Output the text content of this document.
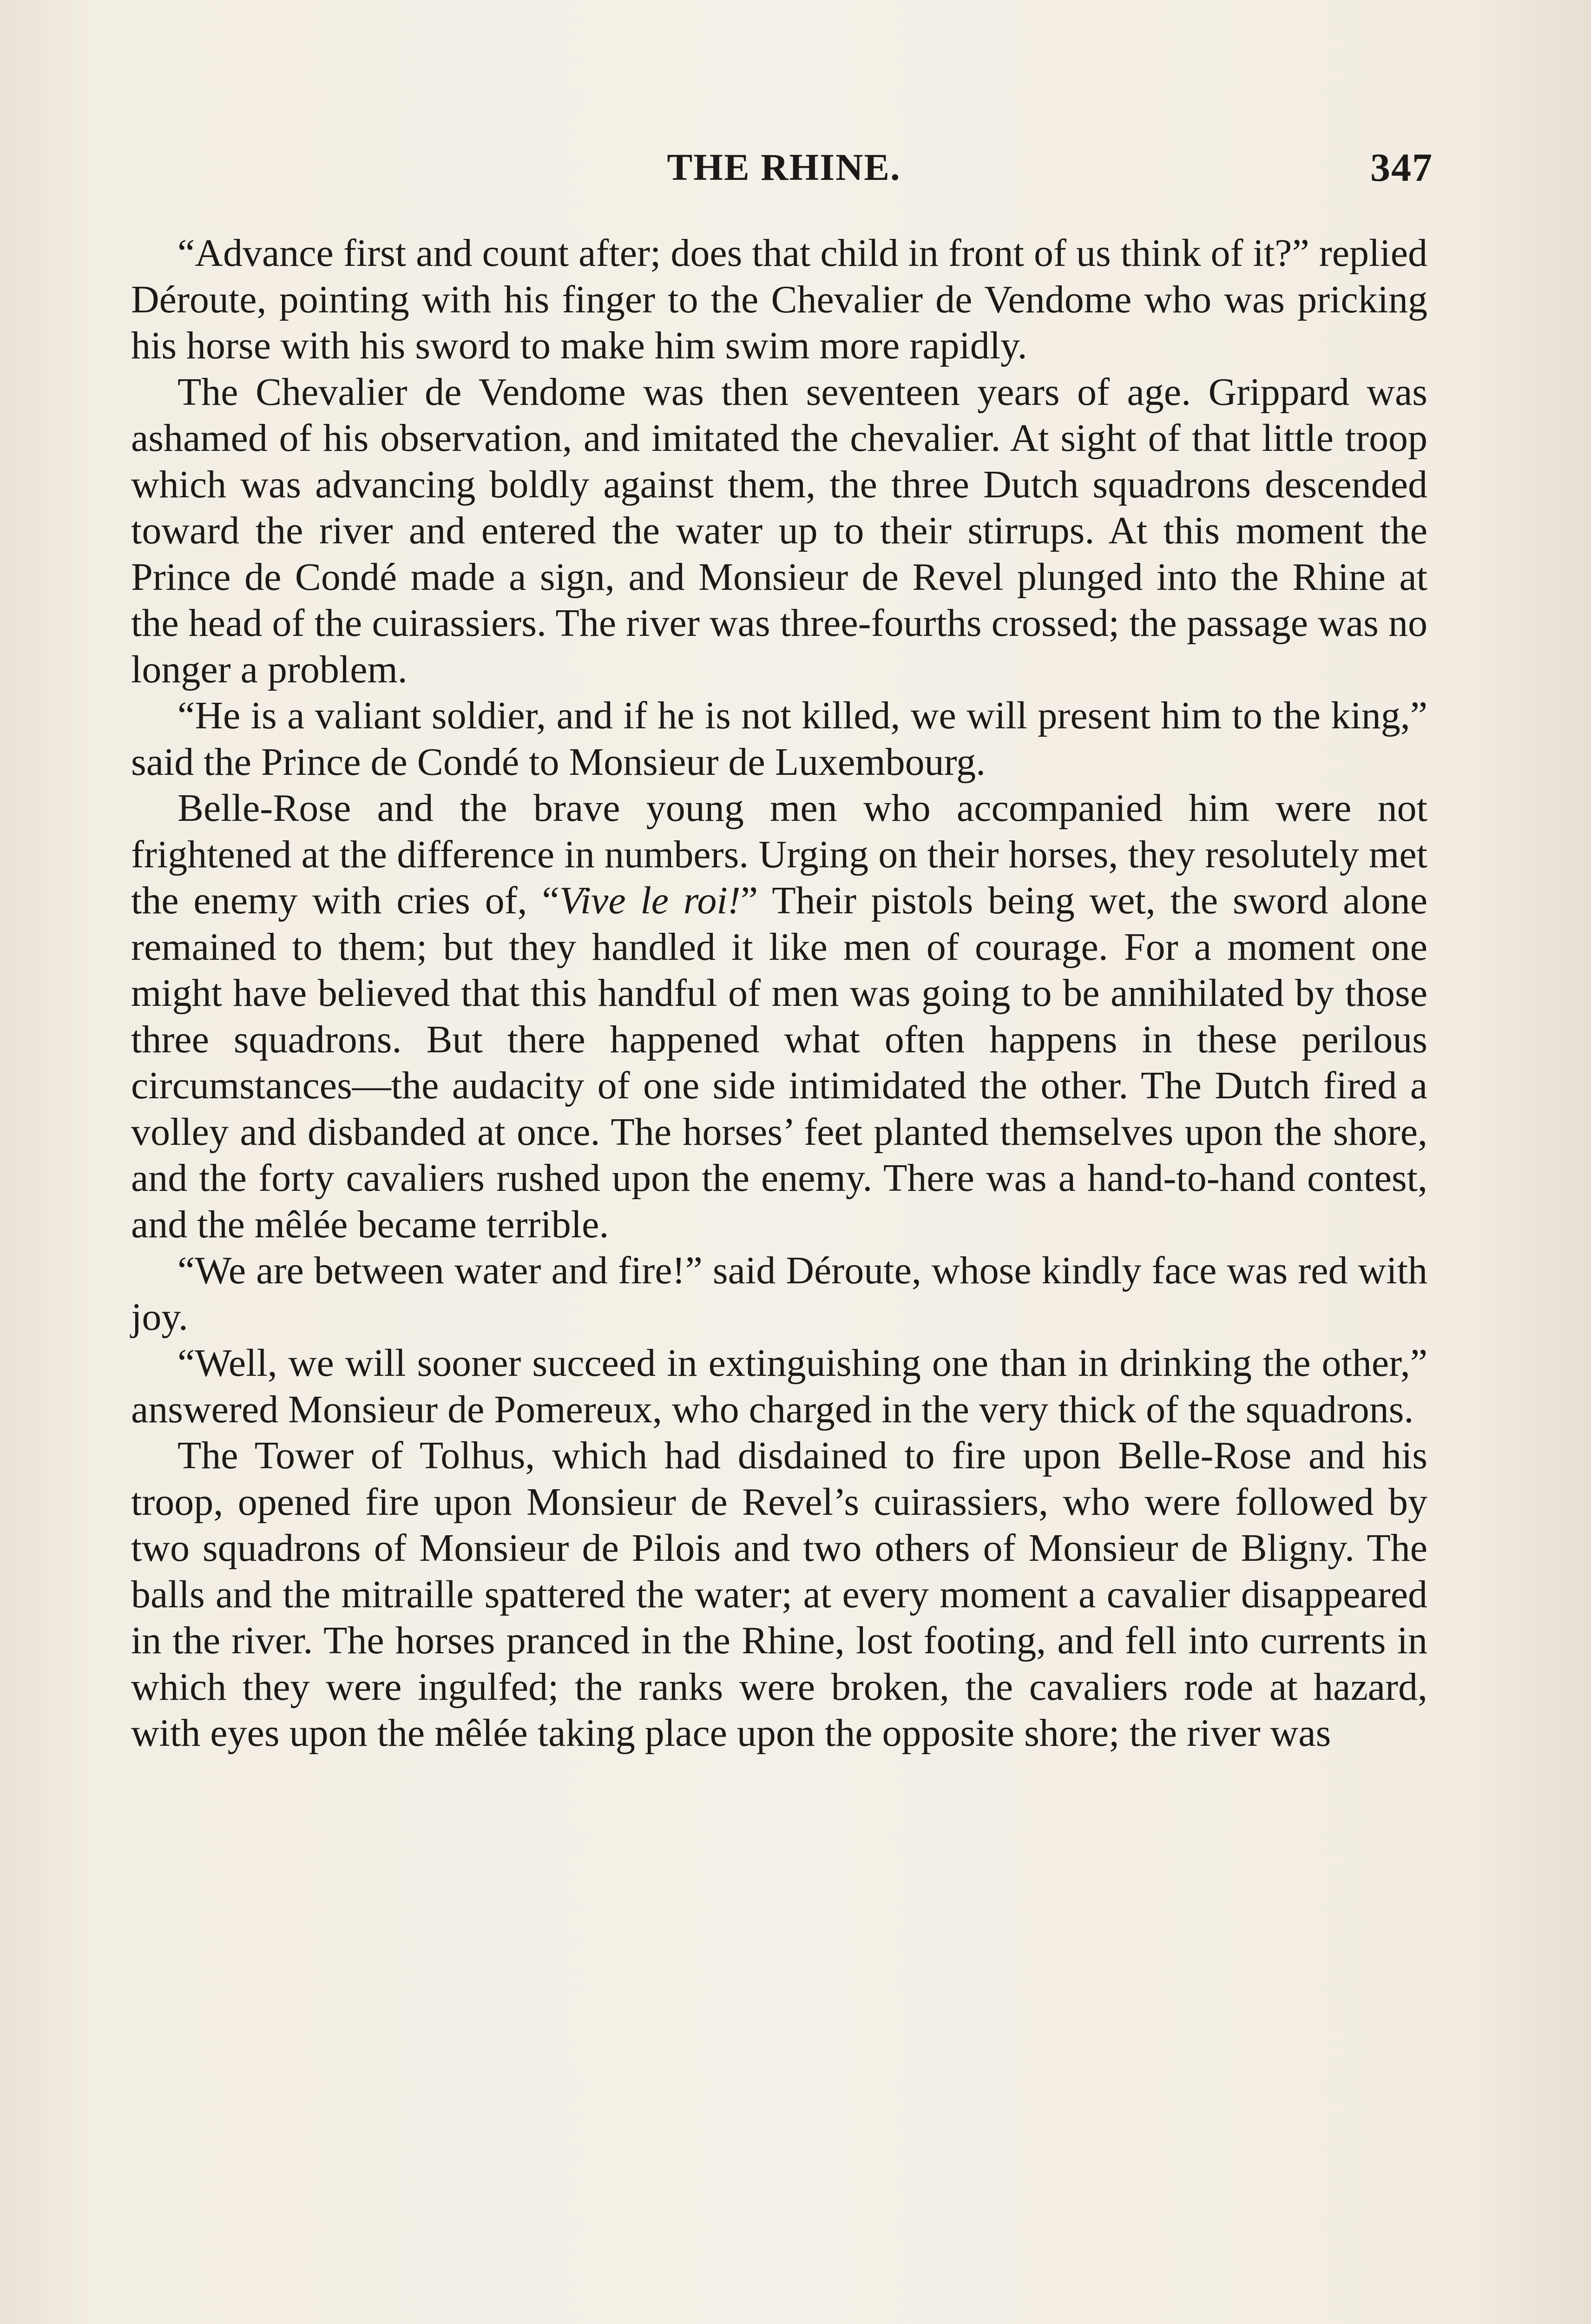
THE RHINE.	347

“Advance first and count after; does that child in front of us think of it?” replied Déroute, pointing with his finger to the Chevalier de Vendome who was pricking his horse with his sword to make him swim more rapidly.

The Chevalier de Vendome was then seventeen years of age. Grippard was ashamed of his observation, and imitated the chevalier. At sight of that little troop which was advancing boldly against them, the three Dutch squadrons descended toward the river and entered the water up to their stirrups. At this moment the Prince de Condé made a sign, and Monsieur de Revel plunged into the Rhine at the head of the cuirassiers. The river was three-fourths crossed; the passage was no longer a problem.

“He is a valiant soldier, and if he is not killed, we will present him to the king,” said the Prince de Condé to Monsieur de Luxembourg.

Belle-Rose and the brave young men who accompanied him were not frightened at the difference in numbers. Urging on their horses, they resolutely met the enemy with cries of, “Vive le roi!” Their pistols being wet, the sword alone remained to them; but they handled it like men of courage. For a moment one might have believed that this handful of men was going to be annihilated by those three squadrons. But there happened what often happens in these perilous circumstances—the audacity of one side intimidated the other. The Dutch fired a volley and disbanded at once. The horses’ feet planted themselves upon the shore, and the forty cavaliers rushed upon the enemy. There was a hand-to-hand contest, and the mêlée became terrible.

“We are between water and fire!” said Déroute, whose kindly face was red with joy.

“Well, we will sooner succeed in extinguishing one than in drinking the other,” answered Monsieur de Pomereux, who charged in the very thick of the squadrons.

The Tower of Tolhus, which had disdained to fire upon Belle-Rose and his troop, opened fire upon Monsieur de Revel’s cuirassiers, who were followed by two squadrons of Monsieur de Pilois and two others of Monsieur de Bligny. The balls and the mitraille spattered the water; at every moment a cavalier disappeared in the river. The horses pranced in the Rhine, lost footing, and fell into currents in which they were ingulfed; the ranks were broken, the cavaliers rode at hazard, with eyes upon the mêlée taking place upon the opposite shore; the river was
